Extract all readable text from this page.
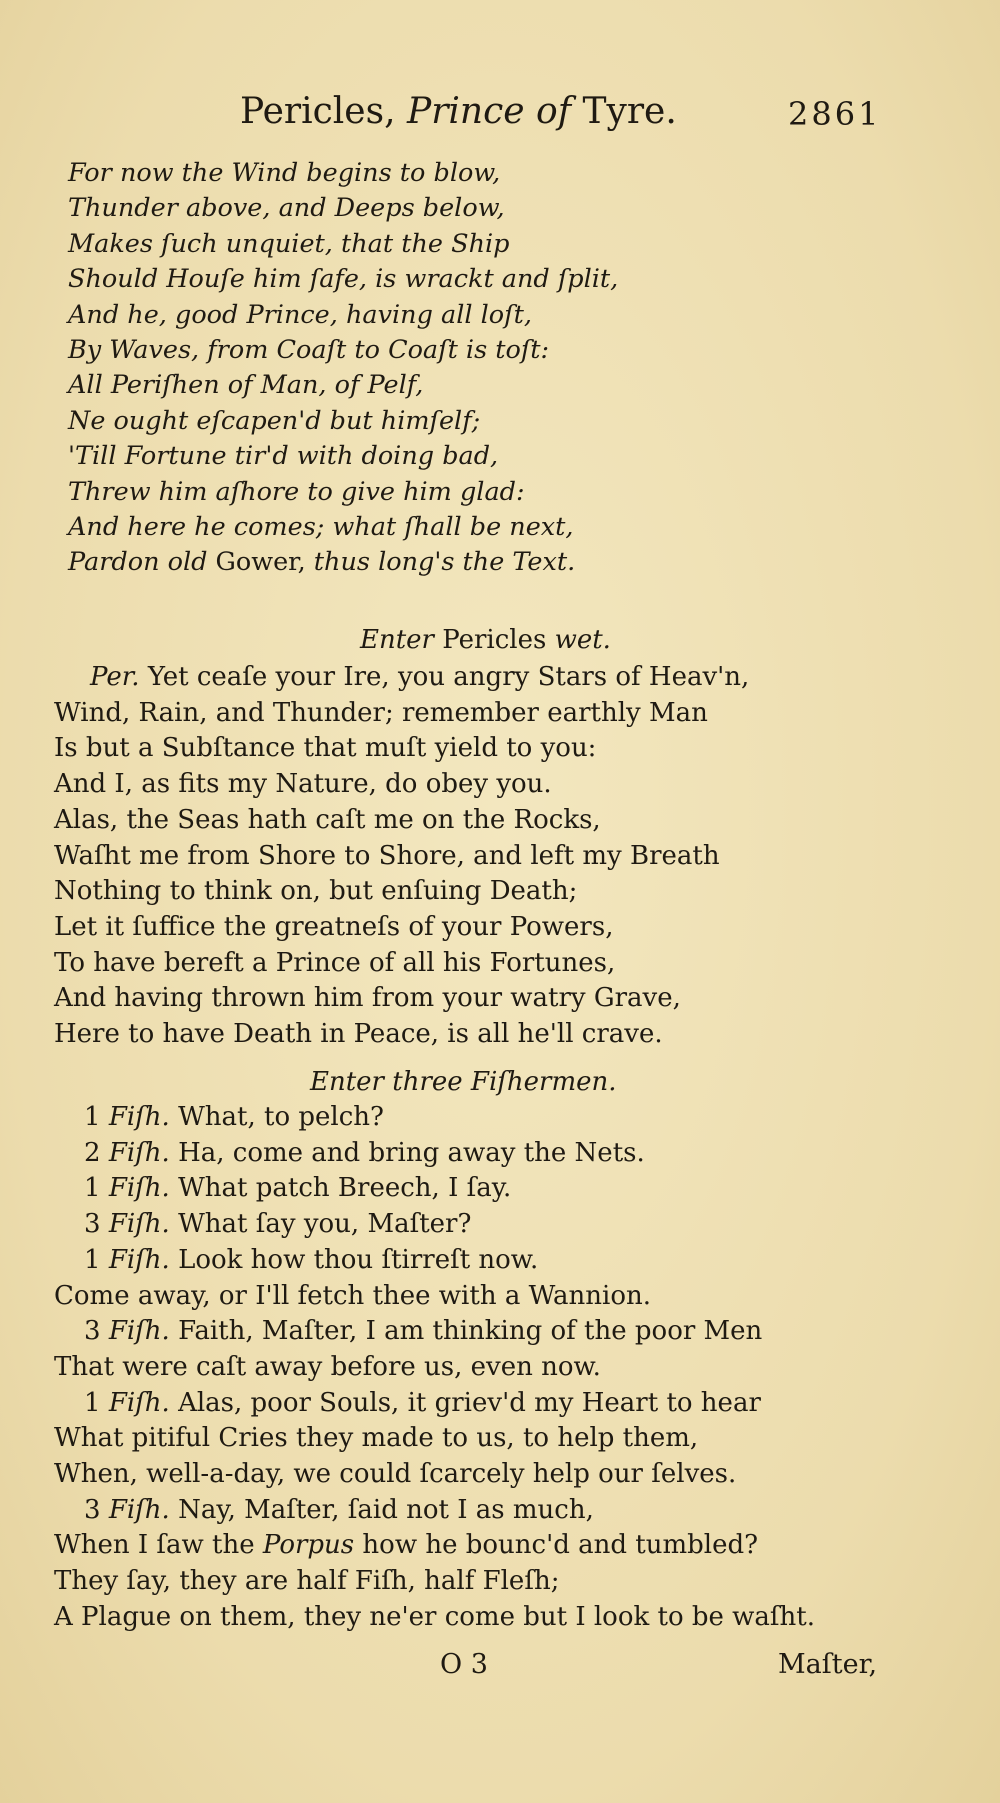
Pericles, Prince of Tyre.	2861
For now the Wind begins to blow,
Thunder above, and Deeps below,
Makes ſuch unquiet, that the Ship
Should Houſe him ſafe, is wrackt and ſplit,
And he, good Prince, having all loſt,
By Waves, from Coaſt to Coaſt is toſt:
All Periſhen of Man, of Pelf,
Ne ought eſcapen'd but himſelf;
'Till Fortune tir'd with doing bad,
Threw him aſhore to give him glad:
And here he comes; what ſhall be next,
Pardon old Gower, thus long's the Text.
Enter Pericles wet.
Per. Yet ceaſe your Ire, you angry Stars of Heav'n,
Wind, Rain, and Thunder; remember earthly Man
Is but a Subſtance that muſt yield to you:
And I, as fits my Nature, do obey you.
Alas, the Seas hath caſt me on the Rocks,
Waſht me from Shore to Shore, and left my Breath
Nothing to think on, but enſuing Death;
Let it ſuffice the greatneſs of your Powers,
To have bereft a Prince of all his Fortunes,
And having thrown him from your watry Grave,
Here to have Death in Peace, is all he'll crave.
Enter three Fiſhermen.
1 Fiſh. What, to pelch?
2 Fiſh. Ha, come and bring away the Nets.
1 Fiſh. What patch Breech, I ſay.
3 Fiſh. What ſay you, Maſter?
1 Fiſh. Look how thou ſtirreſt now.
Come away, or I'll fetch thee with a Wannion.
3 Fiſh. Faith, Maſter, I am thinking of the poor Men
That were caſt away before us, even now.
1 Fiſh. Alas, poor Souls, it griev'd my Heart to hear
What pitiful Cries they made to us, to help them,
When, well-a-day, we could ſcarcely help our ſelves.
3 Fiſh. Nay, Maſter, ſaid not I as much,
When I ſaw the Porpus how he bounc'd and tumbled?
They ſay, they are half Fiſh, half Fleſh;
A Plague on them, they ne'er come but I look to be waſht.
O 3	Maſter,
